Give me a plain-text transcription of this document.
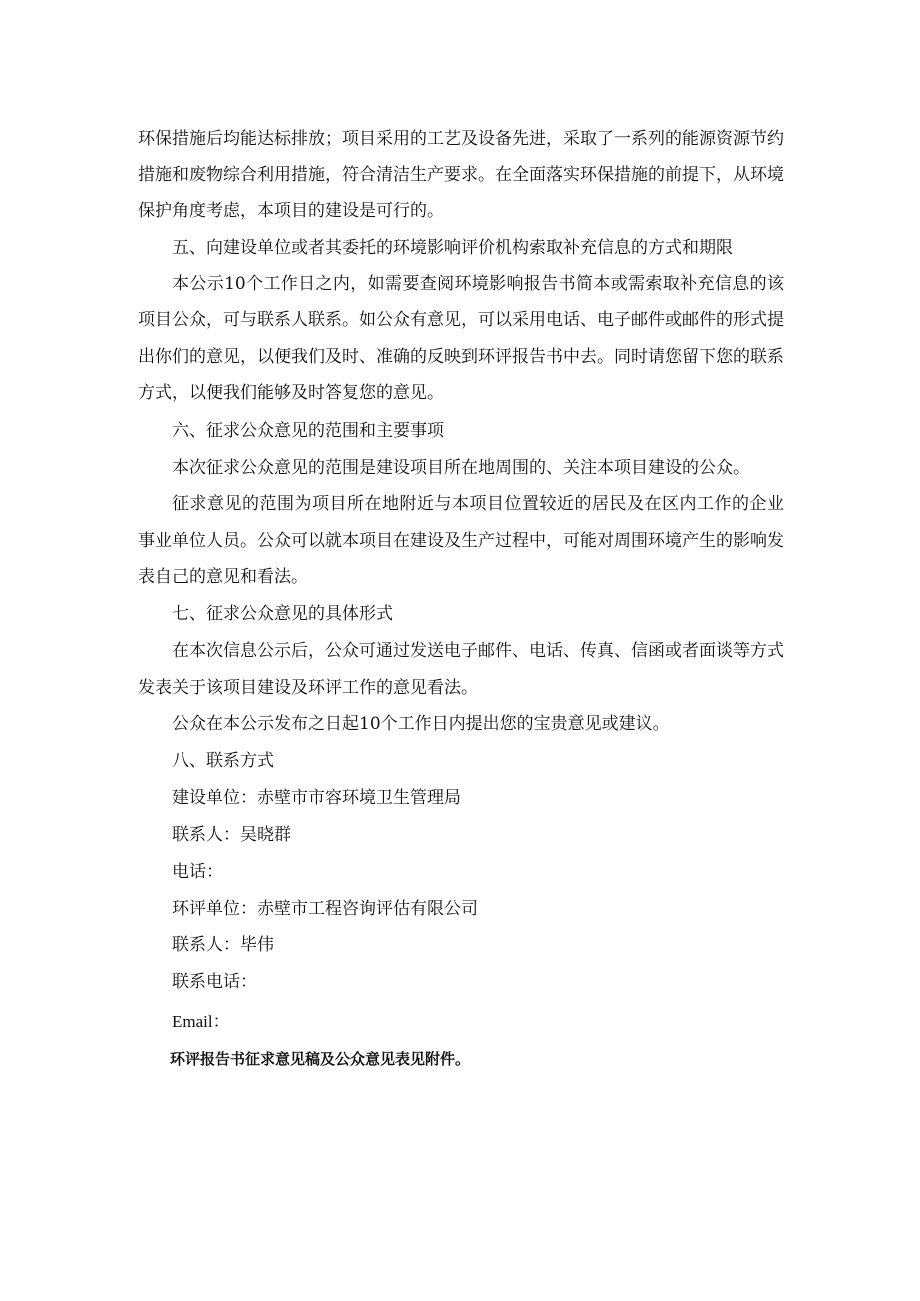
环保措施后均能达标排放；项目采用的工艺及设备先进，采取了一系列的能源资源节约
措施和废物综合利用措施，符合清洁生产要求。在全面落实环保措施的前提下，从环境
保护角度考虑，本项目的建设是可行的。
五、向建设单位或者其委托的环境影响评价机构索取补充信息的方式和期限
本公示10个工作日之内，如需要查阅环境影响报告书简本或需索取补充信息的该
项目公众，可与联系人联系。如公众有意见，可以采用电话、电子邮件或邮件的形式提
出你们的意见，以便我们及时、准确的反映到环评报告书中去。同时请您留下您的联系
方式，以便我们能够及时答复您的意见。
六、征求公众意见的范围和主要事项
本次征求公众意见的范围是建设项目所在地周围的、关注本项目建设的公众。
征求意见的范围为项目所在地附近与本项目位置较近的居民及在区内工作的企业
事业单位人员。公众可以就本项目在建设及生产过程中，可能对周围环境产生的影响发
表自己的意见和看法。
七、征求公众意见的具体形式
在本次信息公示后，公众可通过发送电子邮件、电话、传真、信函或者面谈等方式
发表关于该项目建设及环评工作的意见看法。
公众在本公示发布之日起10个工作日内提出您的宝贵意见或建议。
八、联系方式
建设单位：赤壁市市容环境卫生管理局
联系人：吴晓群
电话：
环评单位：赤壁市工程咨询评估有限公司
联系人：毕伟
联系电话：
Email：
环评报告书征求意见稿及公众意见表见附件。
